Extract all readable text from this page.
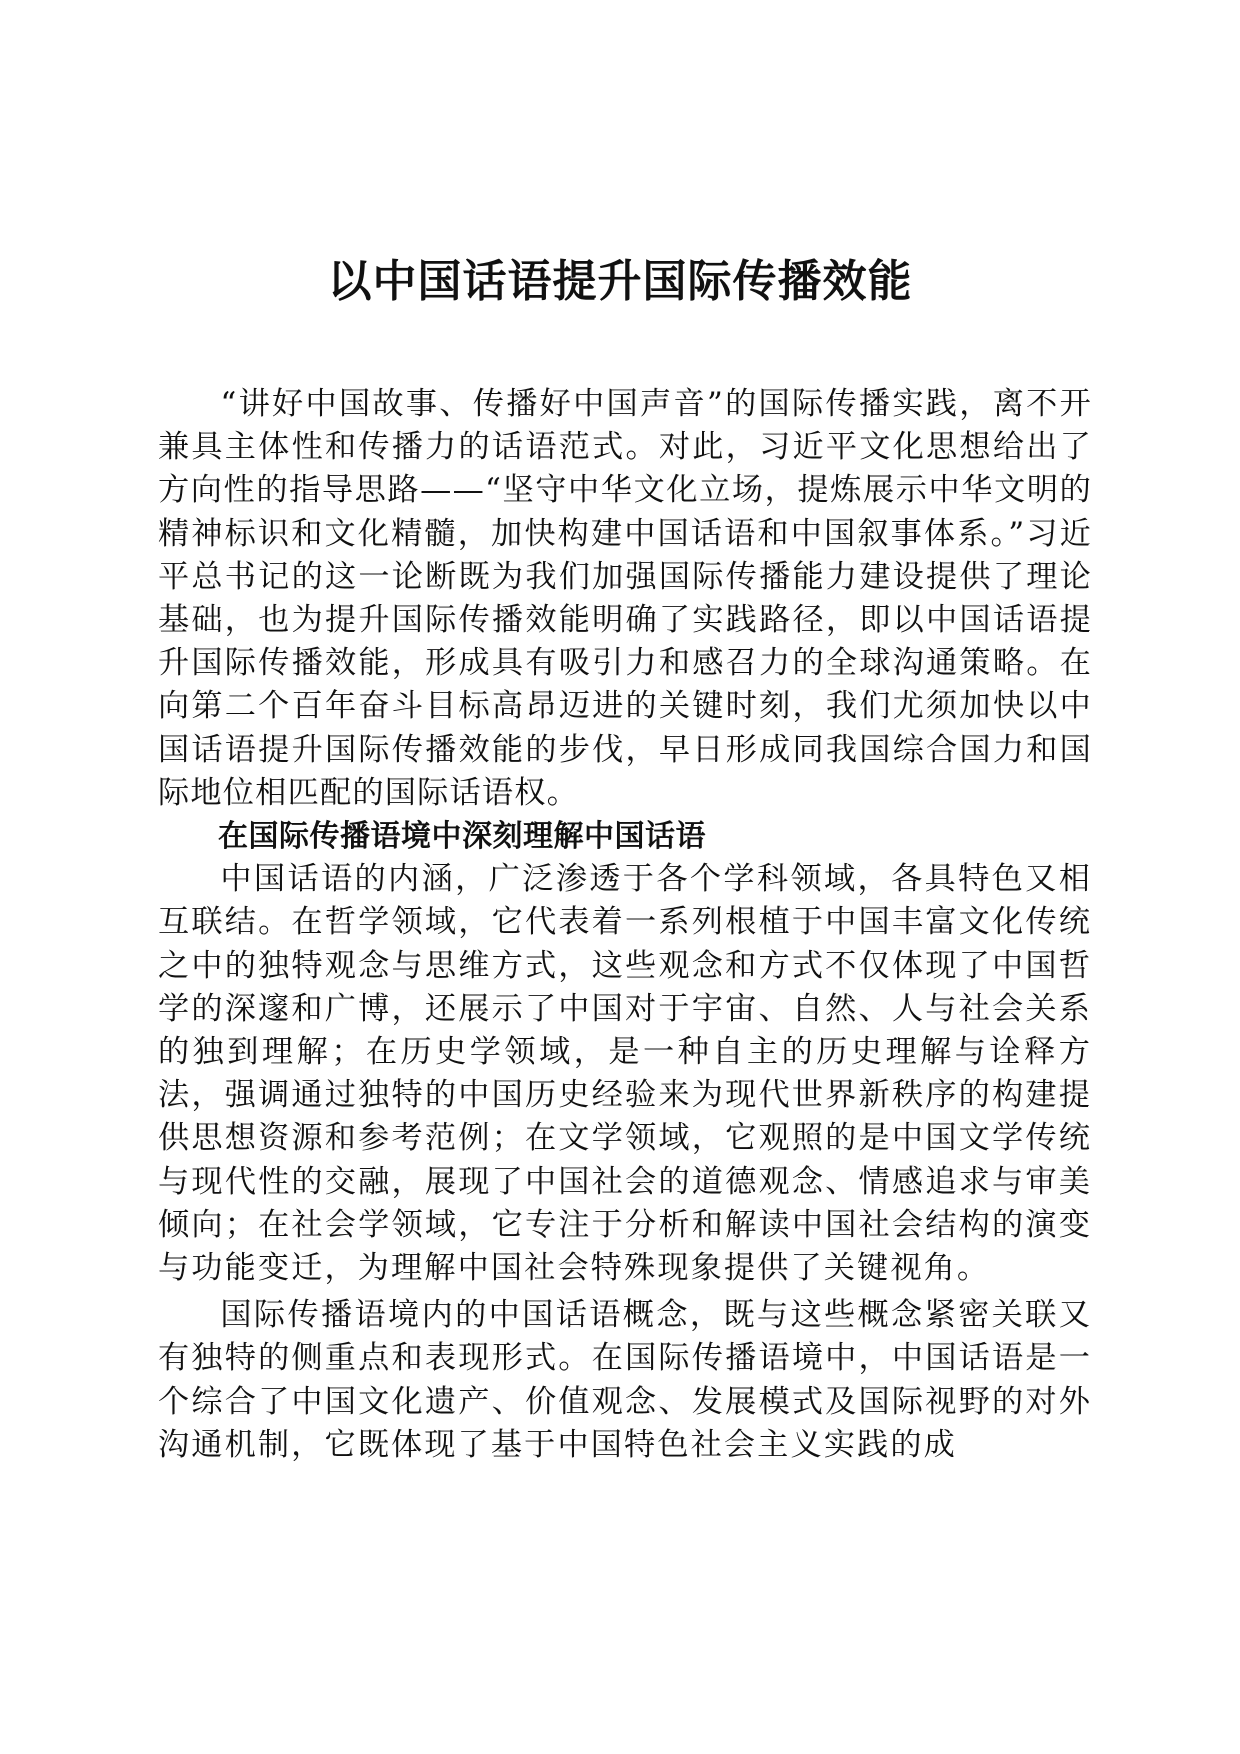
以中国话语提升国际传播效能

“讲好中国故事、传播好中国声音”的国际传播实践，离不开兼具主体性和传播力的话语范式。对此，习近平文化思想给出了方向性的指导思路——“坚守中华文化立场，提炼展示中华文明的精神标识和文化精髓，加快构建中国话语和中国叙事体系。”习近平总书记的这一论断既为我们加强国际传播能力建设提供了理论基础，也为提升国际传播效能明确了实践路径，即以中国话语提升国际传播效能，形成具有吸引力和感召力的全球沟通策略。在向第二个百年奋斗目标高昂迈进的关键时刻，我们尤须加快以中国话语提升国际传播效能的步伐，早日形成同我国综合国力和国际地位相匹配的国际话语权。

在国际传播语境中深刻理解中国话语

中国话语的内涵，广泛渗透于各个学科领域，各具特色又相互联结。在哲学领域，它代表着一系列根植于中国丰富文化传统之中的独特观念与思维方式，这些观念和方式不仅体现了中国哲学的深邃和广博，还展示了中国对于宇宙、自然、人与社会关系的独到理解；在历史学领域，是一种自主的历史理解与诠释方法，强调通过独特的中国历史经验来为现代世界新秩序的构建提供思想资源和参考范例；在文学领域，它观照的是中国文学传统与现代性的交融，展现了中国社会的道德观念、情感追求与审美倾向；在社会学领域，它专注于分析和解读中国社会结构的演变与功能变迁，为理解中国社会特殊现象提供了关键视角。

国际传播语境内的中国话语概念，既与这些概念紧密关联又有独特的侧重点和表现形式。在国际传播语境中，中国话语是一个综合了中国文化遗产、价值观念、发展模式及国际视野的对外沟通机制，它既体现了基于中国特色社会主义实践的成
